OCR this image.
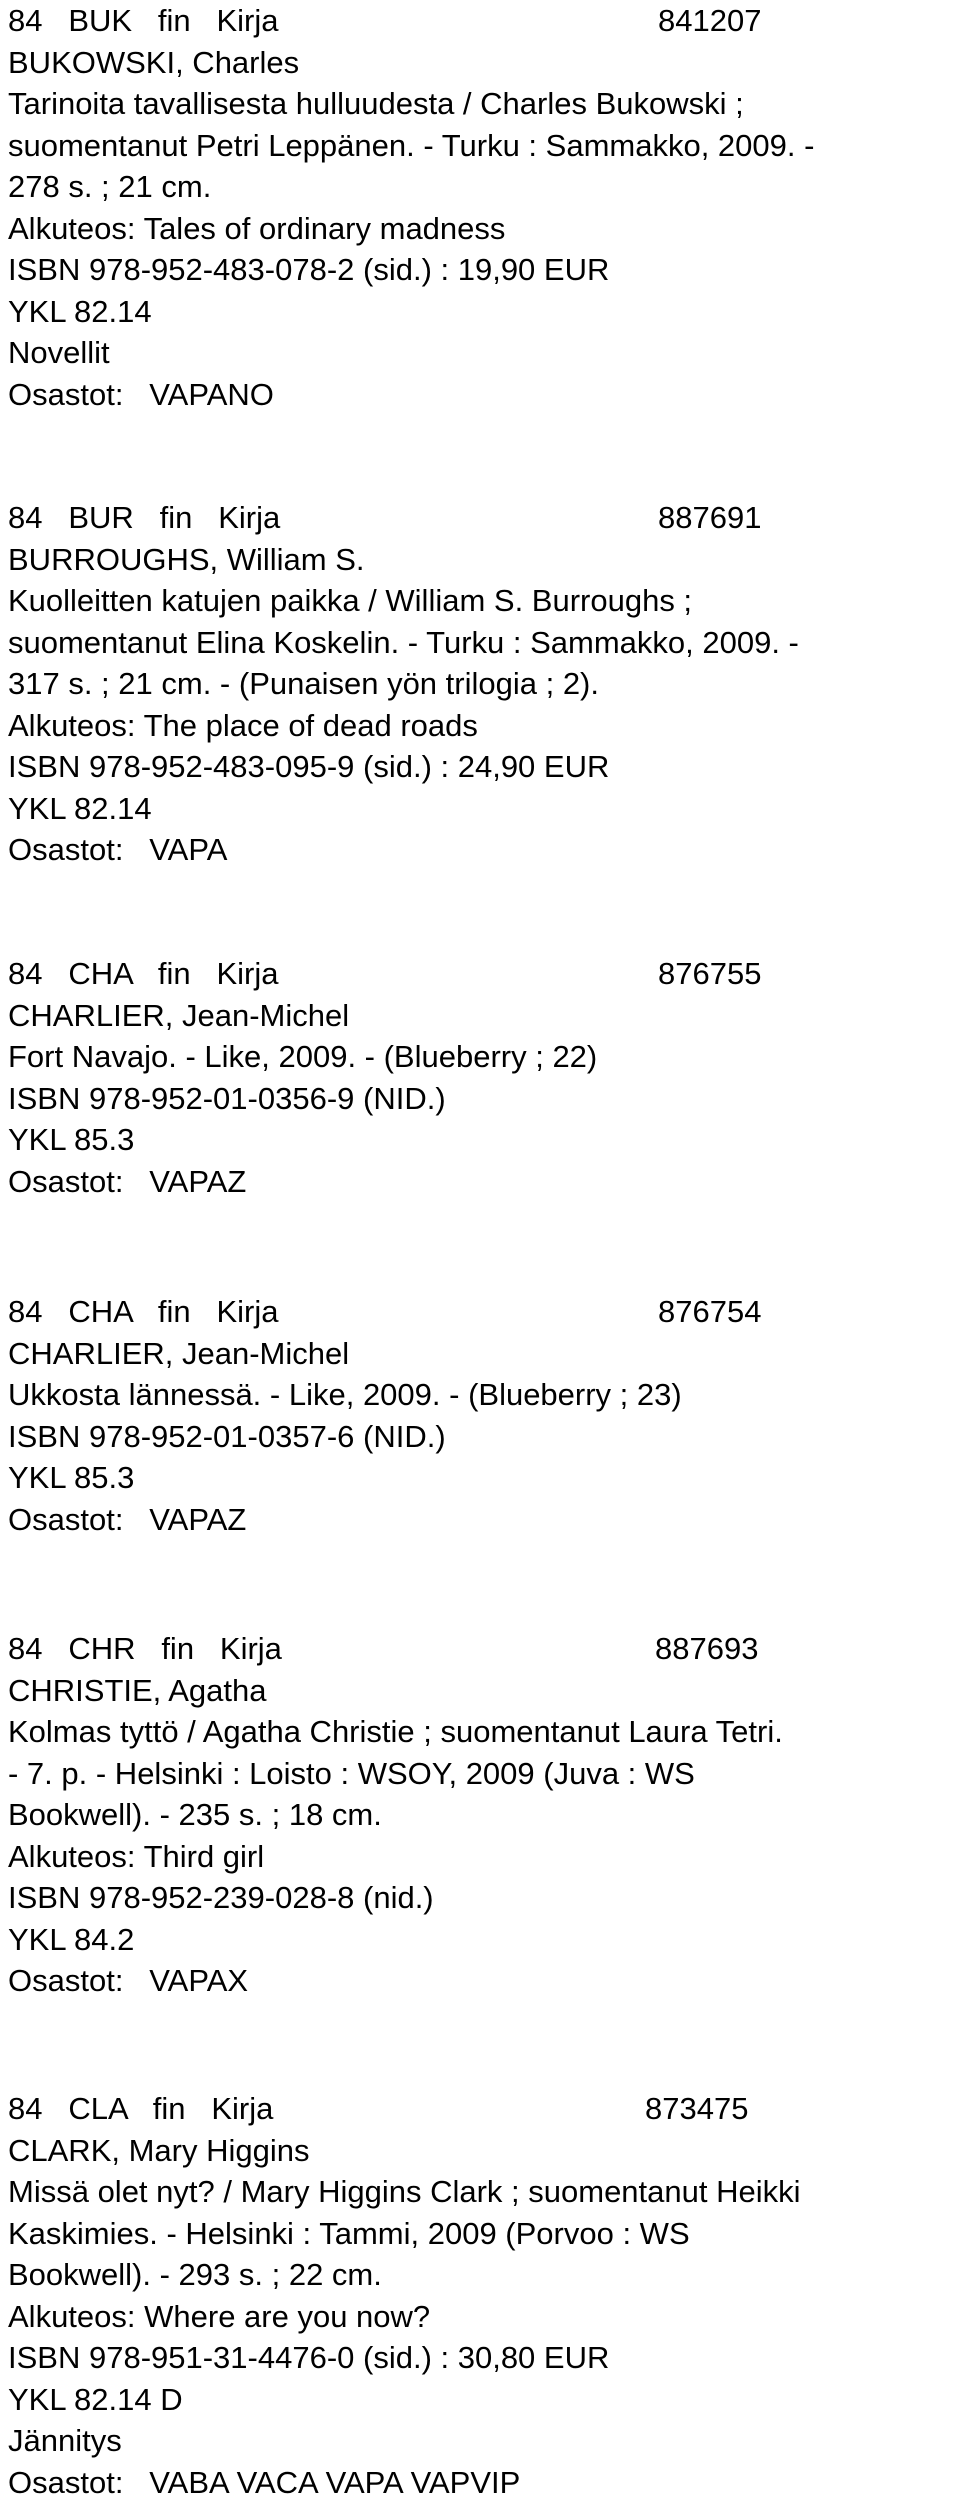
84   BUK   fin   Kirja	841207
BUKOWSKI, Charles
Tarinoita tavallisesta hulluudesta / Charles Bukowski ;
suomentanut Petri Leppänen. - Turku : Sammakko, 2009. -
278 s. ; 21 cm.
Alkuteos: Tales of ordinary madness
ISBN 978-952-483-078-2 (sid.) : 19,90 EUR
YKL 82.14
Novellit
Osastot:   VAPANO
84   BUR   fin   Kirja	887691
BURROUGHS, William S.
Kuolleitten katujen paikka / William S. Burroughs ;
suomentanut Elina Koskelin. - Turku : Sammakko, 2009. -
317 s. ; 21 cm. - (Punaisen yön trilogia ; 2).
Alkuteos: The place of dead roads
ISBN 978-952-483-095-9 (sid.) : 24,90 EUR
YKL 82.14
Osastot:   VAPA
84   CHA   fin   Kirja	876755
CHARLIER, Jean-Michel
Fort Navajo. - Like, 2009. - (Blueberry ; 22)
ISBN 978-952-01-0356-9 (NID.)
YKL 85.3
Osastot:   VAPAZ
84   CHA   fin   Kirja	876754
CHARLIER, Jean-Michel
Ukkosta lännessä. - Like, 2009. - (Blueberry ; 23)
ISBN 978-952-01-0357-6 (NID.)
YKL 85.3
Osastot:   VAPAZ
84   CHR   fin   Kirja	887693
CHRISTIE, Agatha
Kolmas tyttö / Agatha Christie ; suomentanut Laura Tetri.
- 7. p. - Helsinki : Loisto : WSOY, 2009 (Juva : WS
Bookwell). - 235 s. ; 18 cm.
Alkuteos: Third girl
ISBN 978-952-239-028-8 (nid.)
YKL 84.2
Osastot:   VAPAX
84   CLA   fin   Kirja	873475
CLARK, Mary Higgins
Missä olet nyt? / Mary Higgins Clark ; suomentanut Heikki
Kaskimies. - Helsinki : Tammi, 2009 (Porvoo : WS
Bookwell). - 293 s. ; 22 cm.
Alkuteos: Where are you now?
ISBN 978-951-31-4476-0 (sid.) : 30,80 EUR
YKL 82.14 D
Jännitys
Osastot:   VABA VACA VAPA VAPVIP
